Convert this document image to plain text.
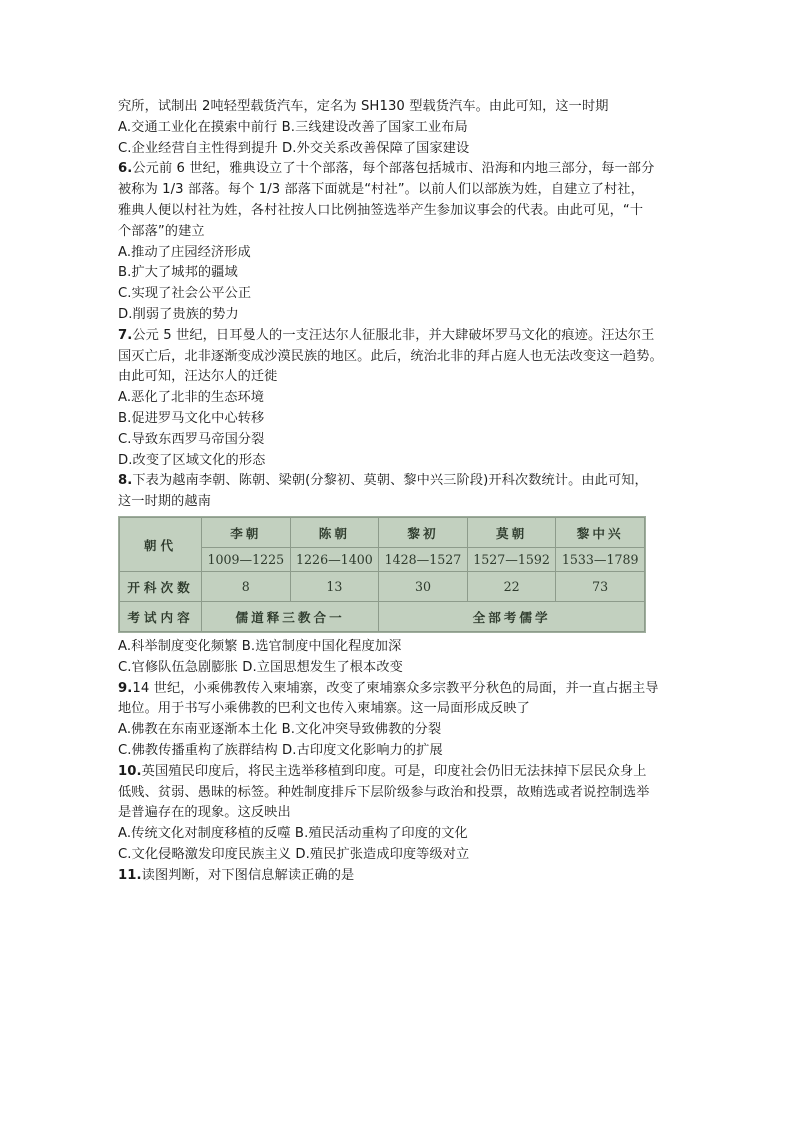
究所，试制出 2吨轻型载货汽车，定名为 SH130 型载货汽车。由此可知，这一时期
A.交通工业化在摸索中前行 B.三线建设改善了国家工业布局
C.企业经营自主性得到提升 D.外交关系改善保障了国家建设
6.公元前 6 世纪，雅典设立了十个部落，每个部落包括城市、沿海和内地三部分，每一部分
被称为 1/3 部落。每个 1/3 部落下面就是“村社”。以前人们以部族为姓，自建立了村社，
雅典人便以村社为姓，各村社按人口比例抽签选举产生参加议事会的代表。由此可见，“十
个部落”的建立
A.推动了庄园经济形成
B.扩大了城邦的疆域
C.实现了社会公平公正
D.削弱了贵族的势力
7.公元 5 世纪，日耳曼人的一支汪达尔人征服北非，并大肆破坏罗马文化的痕迹。汪达尔王
国灭亡后，北非逐渐变成沙漠民族的地区。此后，统治北非的拜占庭人也无法改变这一趋势。
由此可知，汪达尔人的迁徙
A.恶化了北非的生态环境
B.促进罗马文化中心转移
C.导致东西罗马帝国分裂
D.改变了区域文化的形态
8.下表为越南李朝、陈朝、梁朝(分黎初、莫朝、黎中兴三阶段)开科次数统计。由此可知，
这一时期的越南
朝代	李朝	陈朝	黎初	莫朝	黎中兴
	1009—1225	1226—1400	1428—1527	1527—1592	1533—1789
开科次数	8	13	30	22	73
考试内容	儒道释三教合一		全部考儒学		
A.科举制度变化频繁 B.选官制度中国化程度加深
C.官修队伍急剧膨胀 D.立国思想发生了根本改变
9.14 世纪，小乘佛教传入柬埔寨，改变了柬埔寨众多宗教平分秋色的局面，并一直占据主导
地位。用于书写小乘佛教的巴利文也传入柬埔寨。这一局面形成反映了
A.佛教在东南亚逐渐本土化 B.文化冲突导致佛教的分裂
C.佛教传播重构了族群结构 D.古印度文化影响力的扩展
10.英国殖民印度后，将民主选举移植到印度。可是，印度社会仍旧无法抹掉下层民众身上
低贱、贫弱、愚昧的标签。种姓制度排斥下层阶级参与政治和投票，故贿选或者说控制选举
是普遍存在的现象。这反映出
A.传统文化对制度移植的反噬 B.殖民活动重构了印度的文化
C.文化侵略激发印度民族主义 D.殖民扩张造成印度等级对立
11.读图判断，对下图信息解读正确的是
